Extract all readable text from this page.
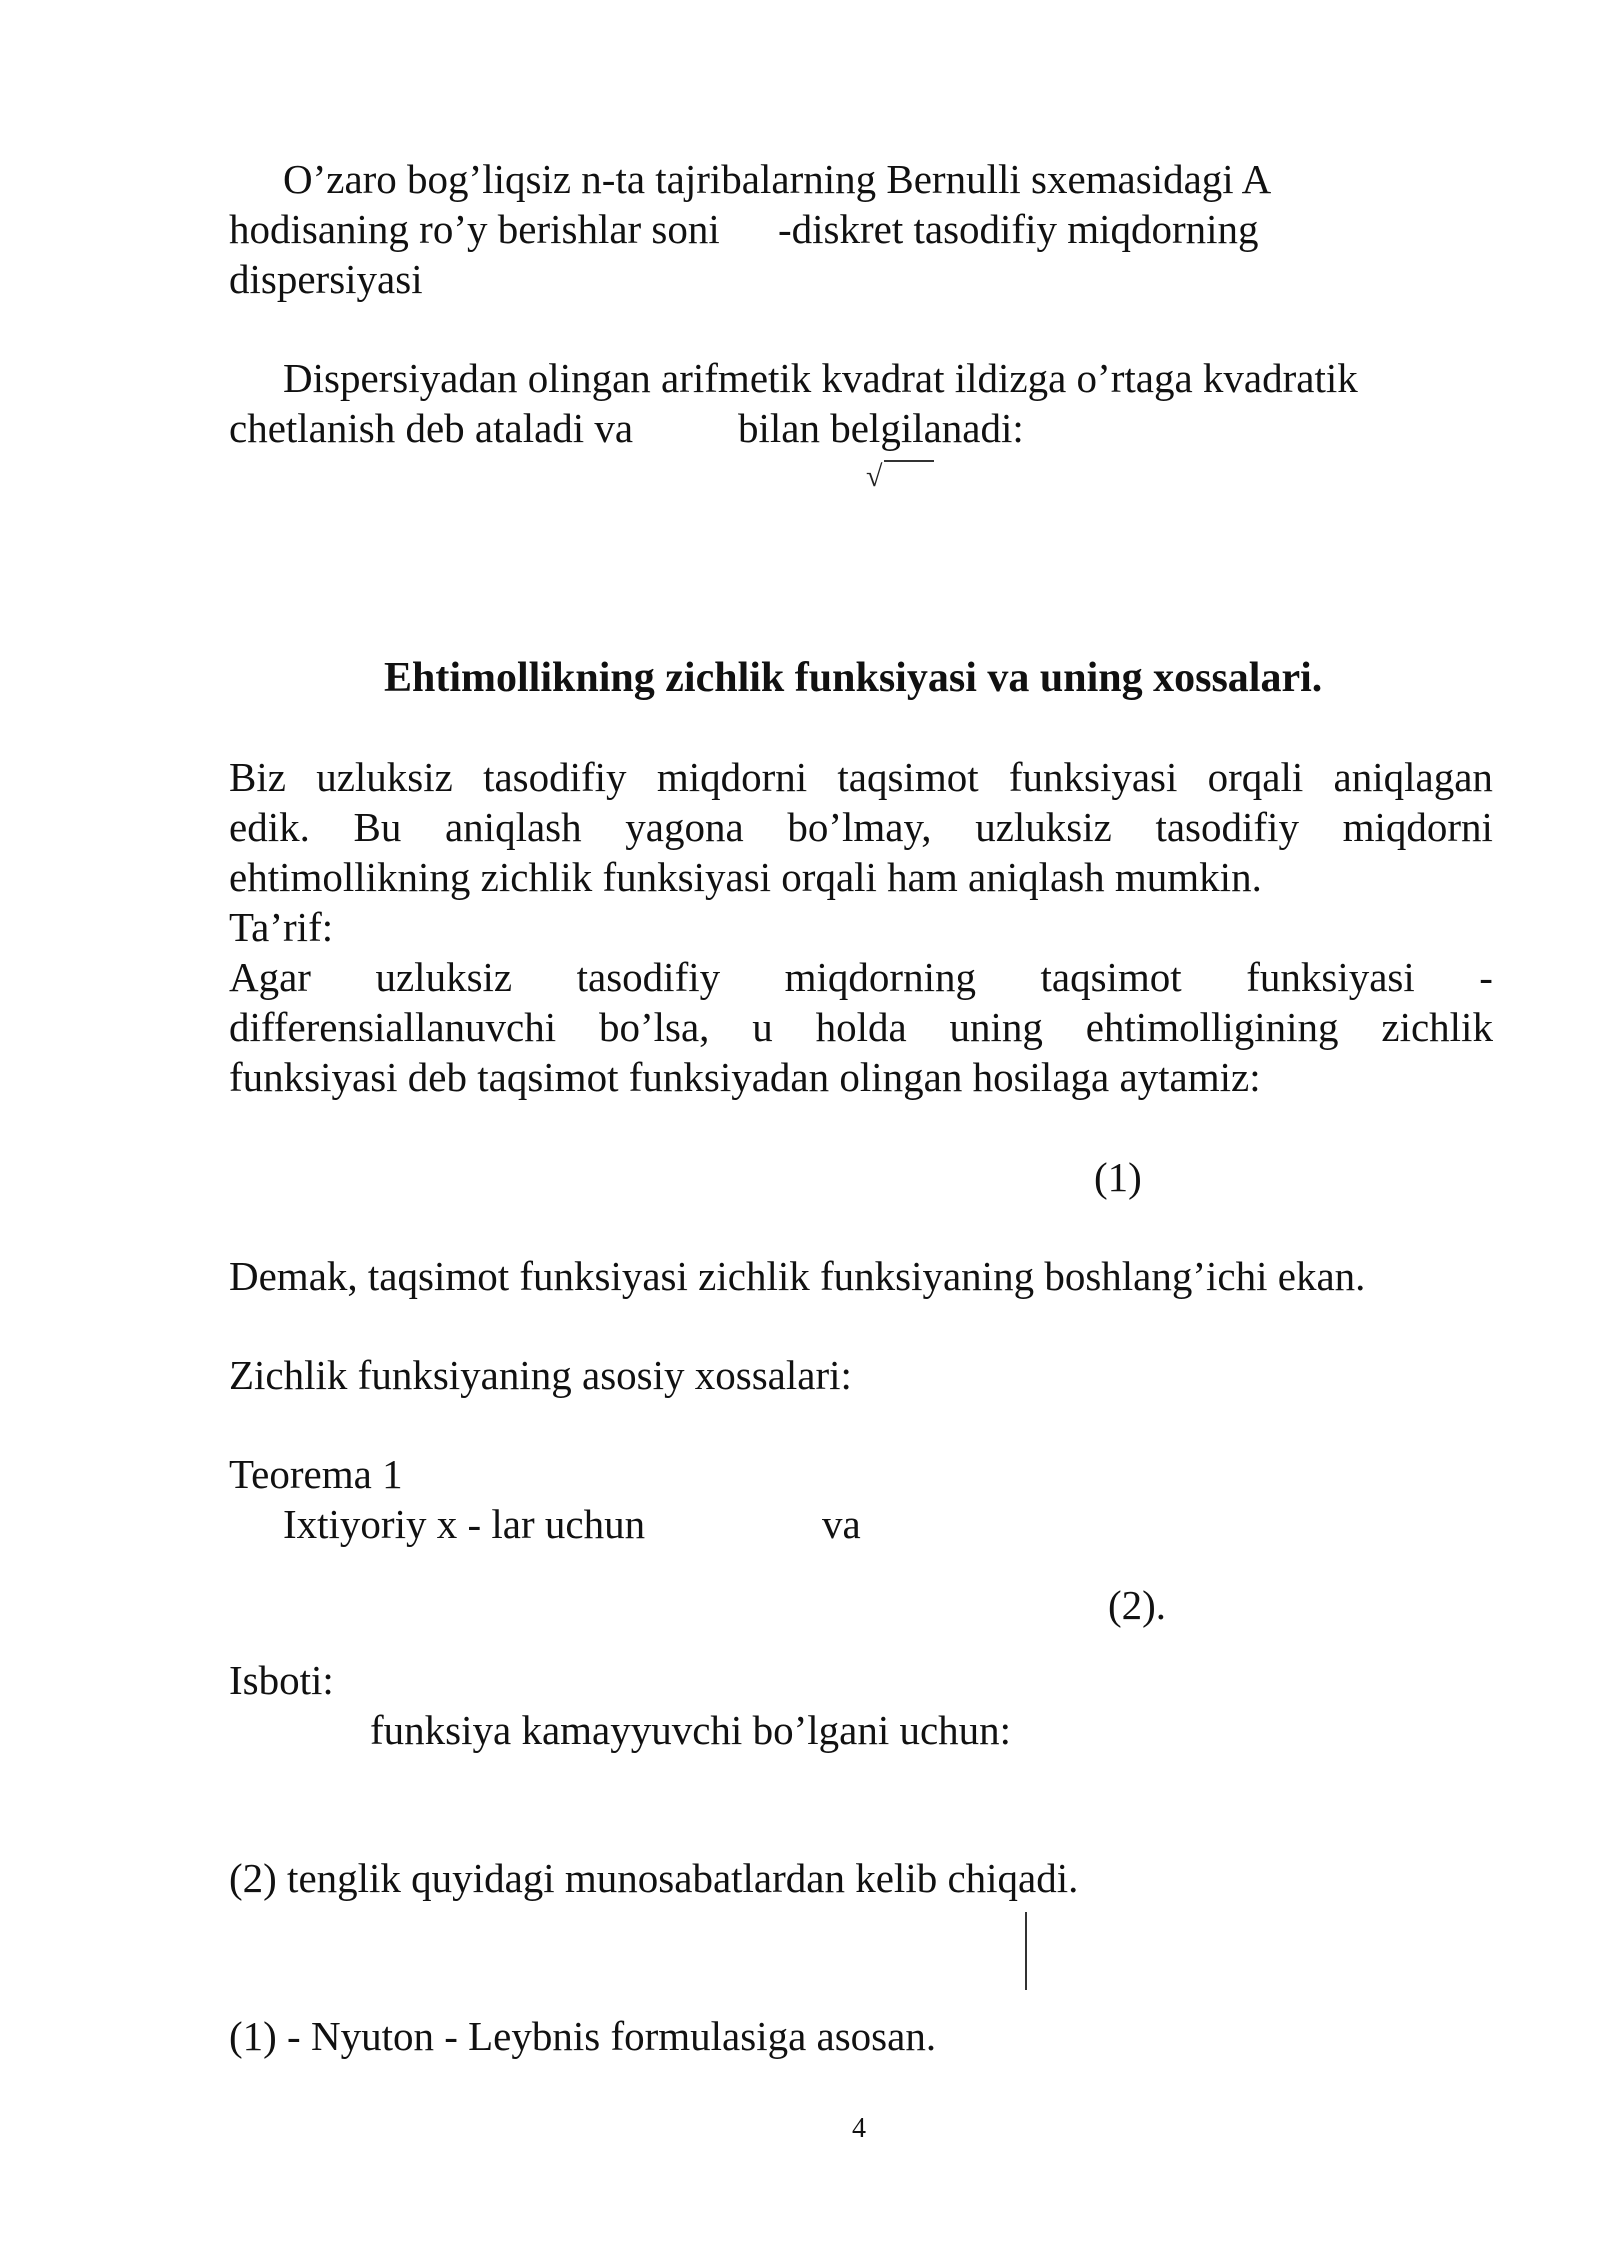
O’zaro bog’liqsiz n-ta tajribalarning Bernulli sxemasidagi A
hodisaning ro’y berishlar soni -diskret tasodifiy miqdorning
dispersiyasi
Dispersiyadan olingan arifmetik kvadrat ildizga o’rtaga kvadratik
chetlanish deb ataladi va	bilan belgilanadi:
√
Ehtimollikning zichlik funksiyasi va uning xossalari.
Biz uzluksiz tasodifiy miqdorni taqsimot funksiyasi orqali aniqlagan
edik. Bu aniqlash yagona bo’lmay, uzluksiz tasodifiy miqdorni
ehtimollikning zichlik funksiyasi orqali ham aniqlash mumkin.
Ta’rif:
Agar uzluksiz tasodifiy miqdorning taqsimot funksiyasi -
differensiallanuvchi bo’lsa, u holda uning ehtimolligining zichlik
funksiyasi deb taqsimot funksiyadan olingan hosilaga aytamiz:
(1)
Demak, taqsimot funksiyasi zichlik funksiyaning boshlang’ichi ekan.
Zichlik funksiyaning asosiy xossalari:
Teorema 1
Ixtiyoriy x - lar uchun	va
(2).
Isboti:
funksiya kamayyuvchi bo’lgani uchun:
(2) tenglik quyidagi munosabatlardan kelib chiqadi.
(1) - Nyuton - Leybnis formulasiga asosan.
4
